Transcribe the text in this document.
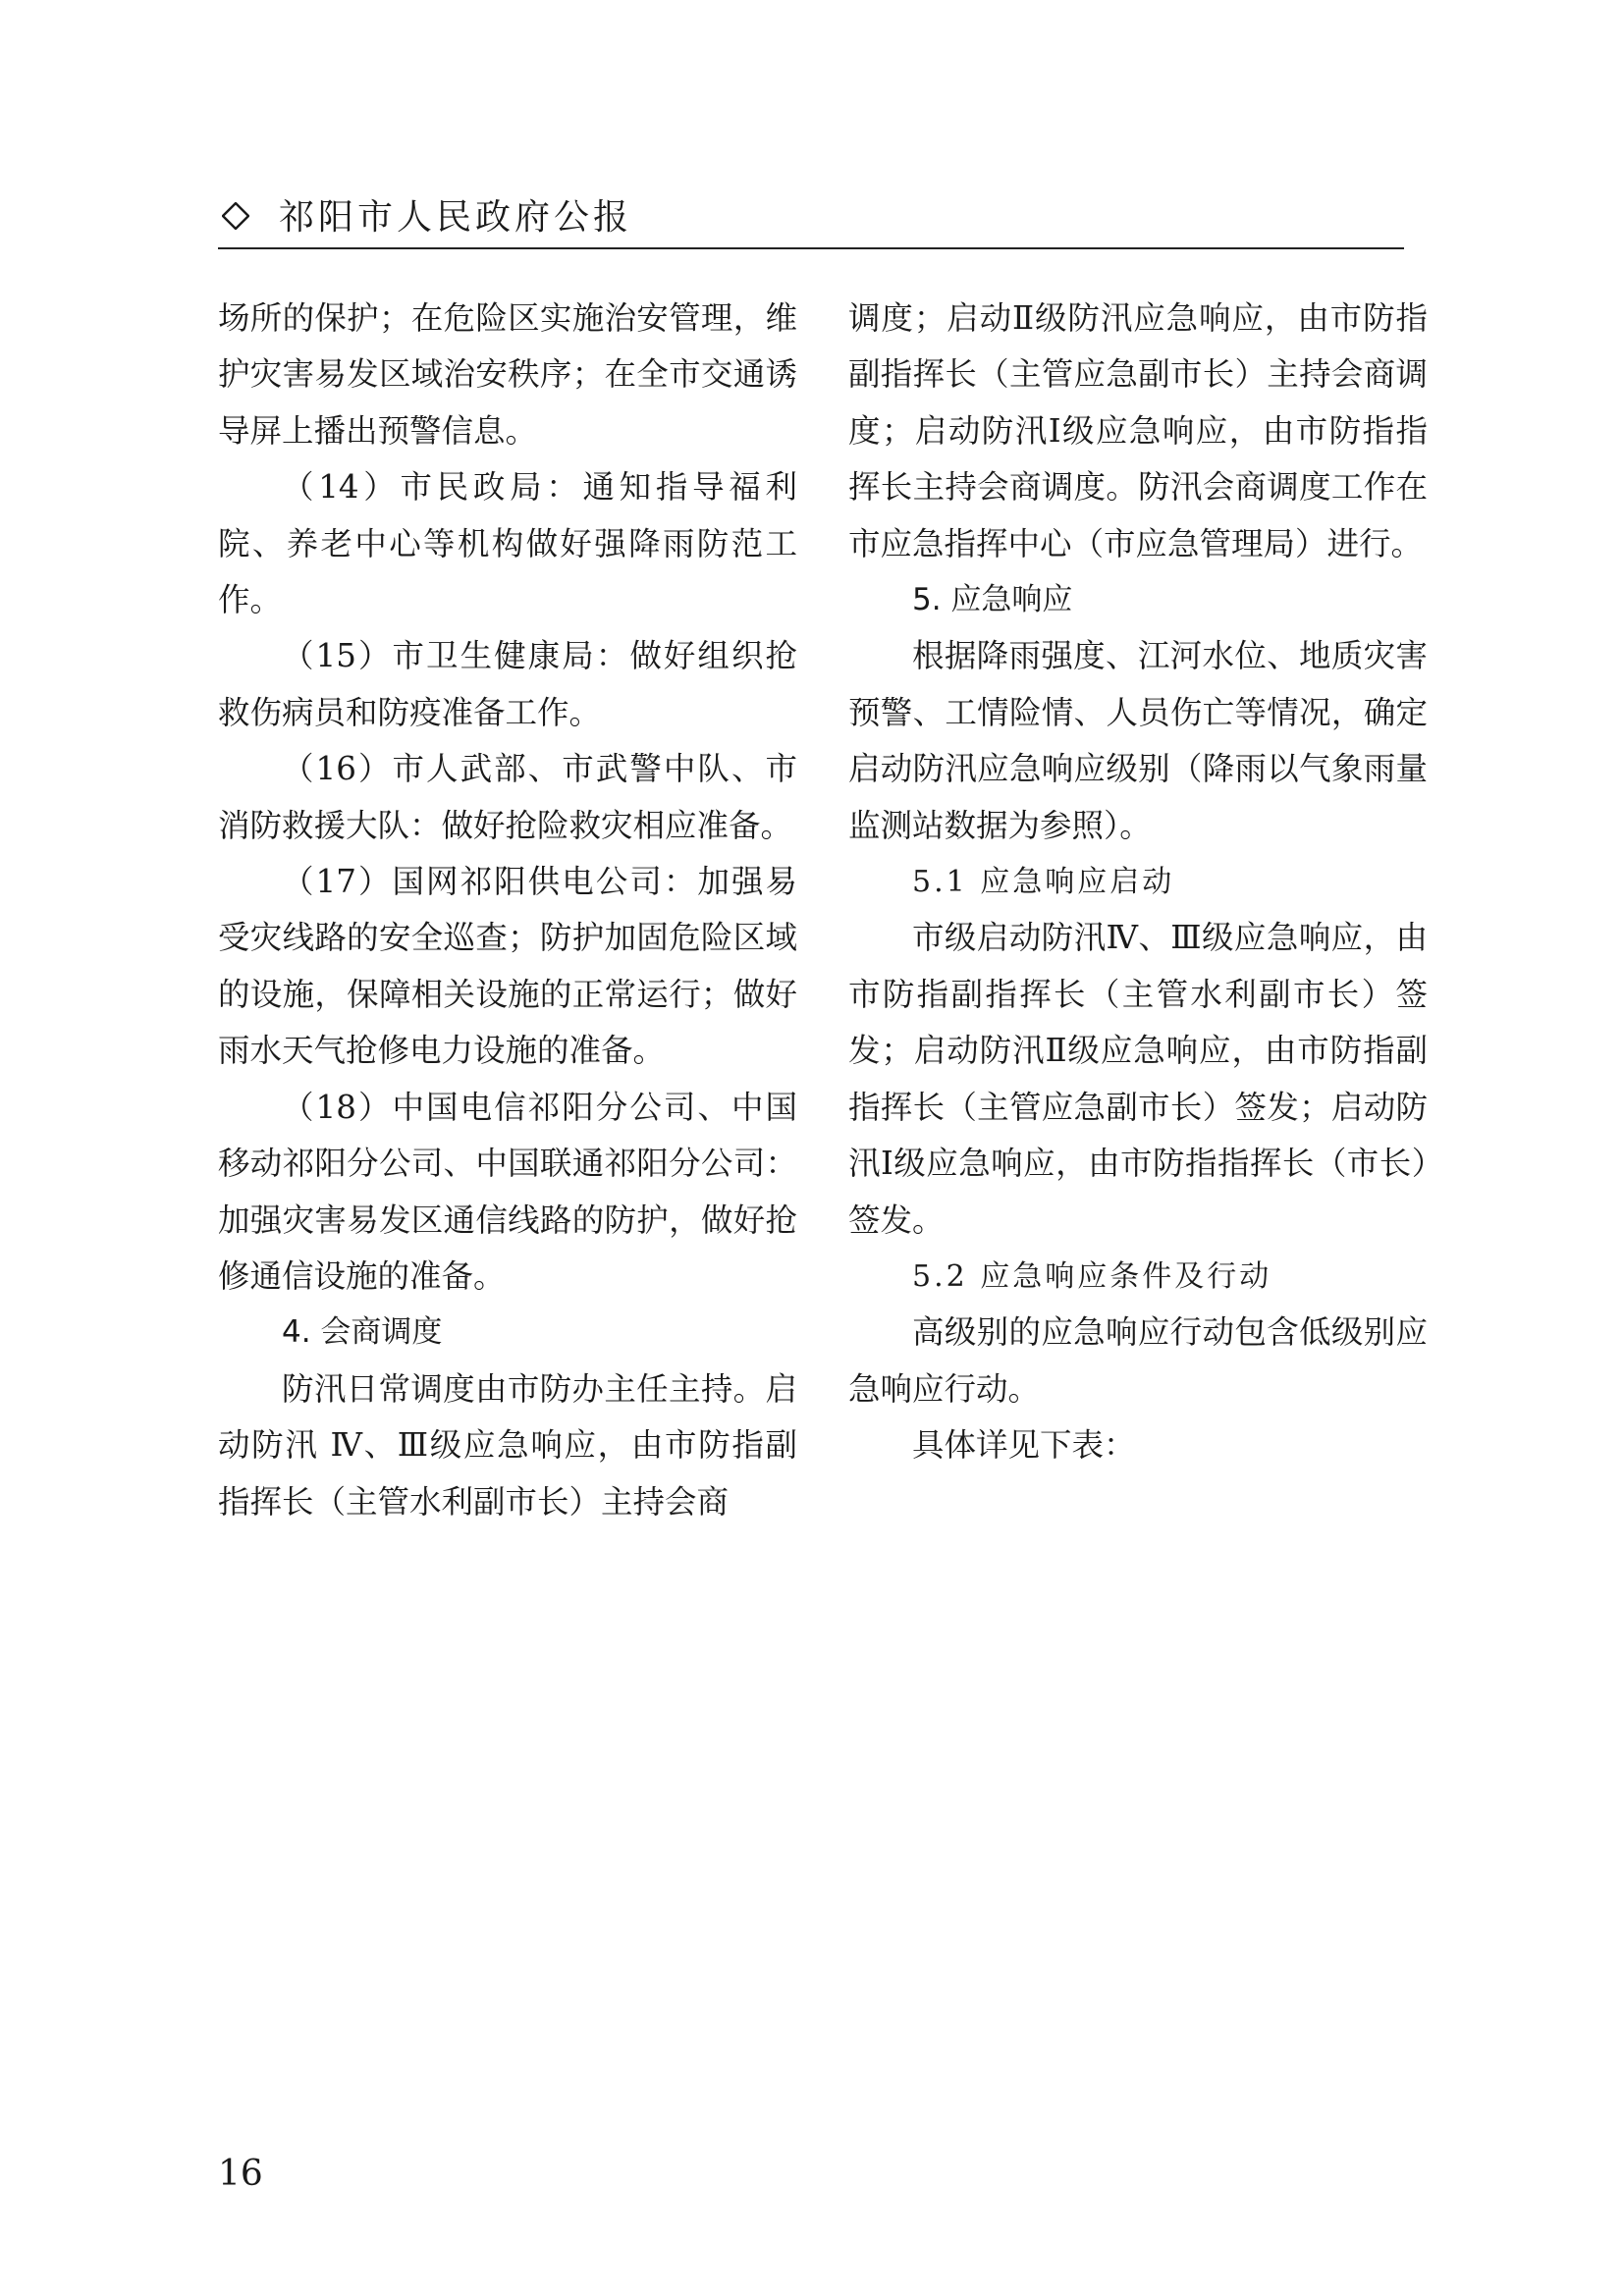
祁阳市人民政府公报

场所的保护；在危险区实施治安管理，维护灾害易发区域治安秩序；在全市交通诱导屏上播出预警信息。

（14）市民政局：通知指导福利院、养老中心等机构做好强降雨防范工作。

（15）市卫生健康局：做好组织抢救伤病员和防疫准备工作。

（16）市人武部、市武警中队、市消防救援大队：做好抢险救灾相应准备。

（17）国网祁阳供电公司：加强易受灾线路的安全巡查；防护加固危险区域的设施，保障相关设施的正常运行；做好雨水天气抢修电力设施的准备。

（18）中国电信祁阳分公司、中国移动祁阳分公司、中国联通祁阳分公司：加强灾害易发区通信线路的防护，做好抢修通信设施的准备。

4. 会商调度

防汛日常调度由市防办主任主持。启动防汛 Ⅳ、Ⅲ级应急响应，由市防指副指挥长（主管水利副市长）主持会商

调度；启动Ⅱ级防汛应急响应，由市防指副指挥长（主管应急副市长）主持会商调度；启动防汛Ⅰ级应急响应，由市防指指挥长主持会商调度。防汛会商调度工作在市应急指挥中心（市应急管理局）进行。

5. 应急响应

根据降雨强度、江河水位、地质灾害预警、工情险情、人员伤亡等情况，确定启动防汛应急响应级别（降雨以气象雨量监测站数据为参照）。

5.1 应急响应启动

市级启动防汛Ⅳ、Ⅲ级应急响应，由市防指副指挥长（主管水利副市长）签发；启动防汛Ⅱ级应急响应，由市防指副指挥长（主管应急副市长）签发；启动防汛Ⅰ级应急响应，由市防指指挥长（市长）签发。

5.2 应急响应条件及行动

高级别的应急响应行动包含低级别应急响应行动。

具体详见下表：

16
